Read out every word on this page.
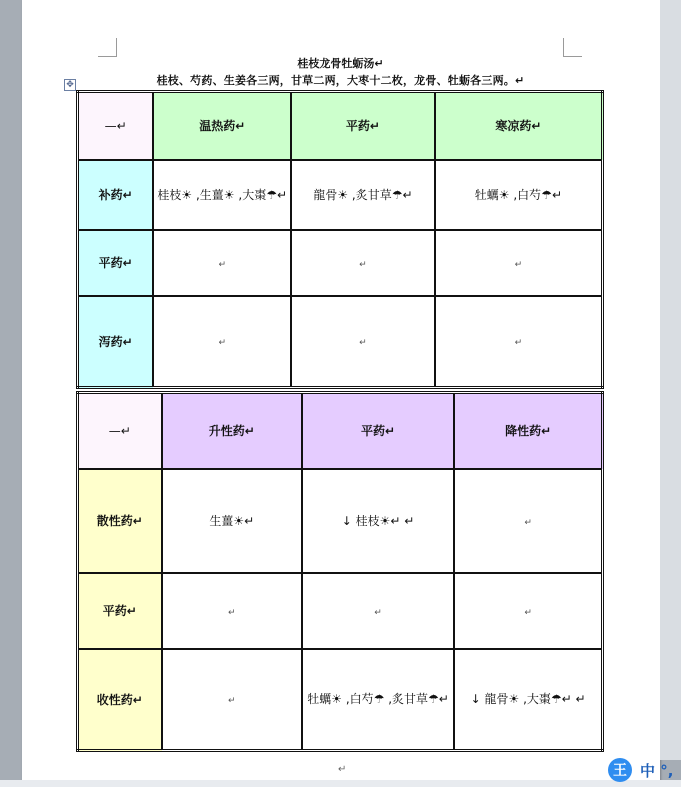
桂枝龙骨牡蛎汤↵
桂枝、芍药、生姜各三两，甘草二两，大枣十二枚，龙骨、牡蛎各三两。↵
✥
—↵	温热药↵	平药↵	寒凉药↵
补药↵	桂枝☀ ,生薑☀ ,大棗☂↵	龍骨☀ ,炙甘草☂↵	牡蠣☀ ,白芍☂↵
平药↵	↵	↵	↵
泻药↵	↵	↵	↵
—↵	升性药↵	平药↵	降性药↵
散性药↵	生薑☀↵	↓ 桂枝☀↵ ↵	↵
平药↵	↵	↵	↵
收性药↵	↵	牡蠣☀ ,白芍☂ ,炙甘草☂↵	↓ 龍骨☀ ,大棗☂↵ ↵
↵	王 中 °,
